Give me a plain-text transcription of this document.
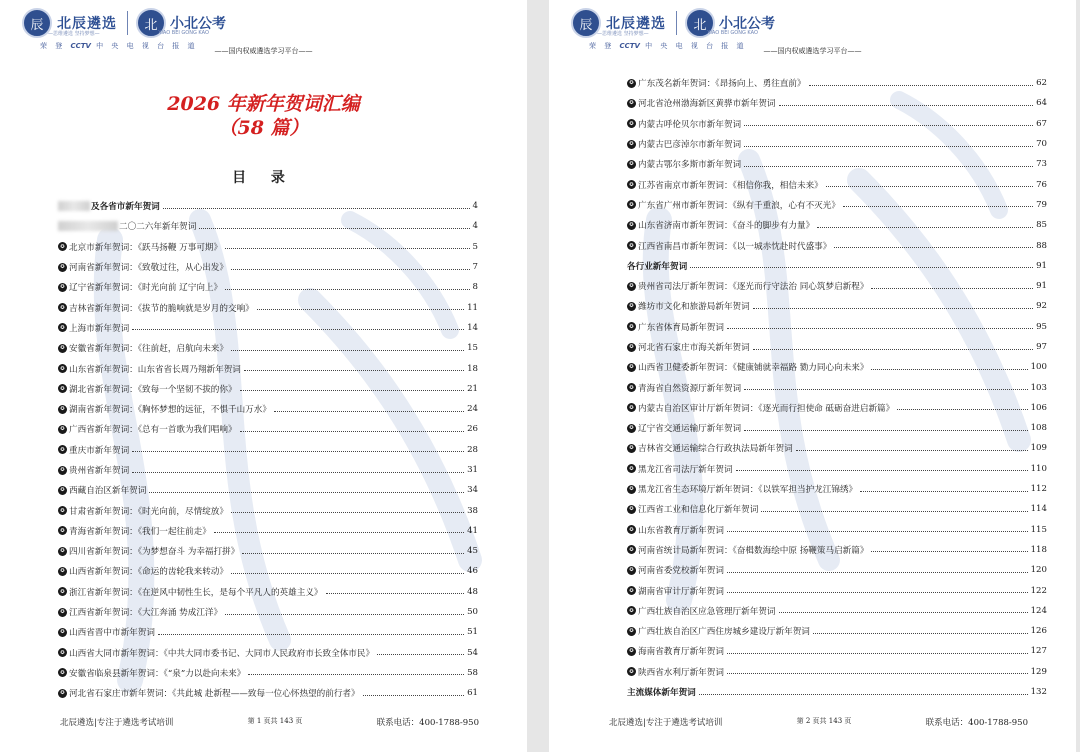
辰 北辰遴选	北 小北公考
—思维遴选 坚持梦想—	XIAO BEI GONG KAO
荣 登 CCTV 中 央 电 视 台 报 道
——国内权威遴选学习平台——
2026 年新年贺词汇编
（58 篇）
目 录
及各省市新年贺词	4
二〇二六年新年贺词	4
✪ 北京市新年贺词：《跃马扬鞭 万事可期》	5
✪ 河南省新年贺词：《致敬过往，从心出发》	7
✪ 辽宁省新年贺词：《时光向前 辽宁向上》	8
✪ 吉林省新年贺词：《拔节的脆响就是岁月的交响》	11
✪ 上海市新年贺词	14
✪ 安徽省新年贺词：《往前赶，启航向未来》	15
✪ 山东省新年贺词：山东省省长周乃翔新年贺词	18
✪ 湖北省新年贺词：《致每一个坚韧不拔的你》	21
✪ 湖南省新年贺词：《胸怀梦想的远征，不惧千山万水》	24
✪ 广西省新年贺词：《总有一首歌为我们唱响》	26
✪ 重庆市新年贺词	28
✪ 贵州省新年贺词	31
✪ 西藏自治区新年贺词	34
✪ 甘肃省新年贺词：《时光向前，尽情绽放》	38
✪ 青海省新年贺词：《我们一起往前走》	41
✪ 四川省新年贺词：《为梦想奋斗 为幸福打拼》	45
✪ 山西省新年贺词：《命运的齿轮我来转动》	46
✪ 浙江省新年贺词：《在逆风中韧性生长，是每个平凡人的英雄主义》	48
✪ 江西省新年贺词：《大江奔涌 势成江洋》	50
✪ 山西省晋中市新年贺词	51
✪ 山西省大同市新年贺词：《中共大同市委书记、大同市人民政府市长致全体市民》	54
✪ 安徽省临泉县新年贺词：《“泉”力以赴向未来》	58
✪ 河北省石家庄市新年贺词：《共此城 赴新程——致每一位心怀热望的前行者》	61
北辰遴选|专注于遴选考试培训	第 1 页共 143 页	联系电话：400-1788-950
辰 北辰遴选	北 小北公考
—思维遴选 坚持梦想—	XIAO BEI GONG KAO
荣 登 CCTV 中 央 电 视 台 报 道
——国内权威遴选学习平台——
✪ 广东茂名新年贺词：《昂扬向上、勇往直前》	62
✪ 河北省沧州渤海新区黄骅市新年贺词	64
✪ 内蒙古呼伦贝尔市新年贺词	67
✪ 内蒙古巴彦淖尔市新年贺词	70
✪ 内蒙古鄂尔多斯市新年贺词	73
✪ 江苏省南京市新年贺词：《相信你我，相信未来》	76
✪ 广东省广州市新年贺词：《纵有千重浪，心有不灭光》	79
✪ 山东省济南市新年贺词：《奋斗的脚步有力量》	85
✪ 江西省南昌市新年贺词：《以一城赤忱赴时代盛事》	88
各行业新年贺词	91
✪ 贵州省司法厅新年贺词：《逐光而行守法治 同心筑梦启新程》	91
✪ 潍坊市文化和旅游局新年贺词	92
✪ 广东省体育局新年贺词	95
✪ 河北省石家庄市海关新年贺词	97
✪ 山西省卫健委新年贺词：《健康铺就幸福路 勠力同心向未来》	100
✪ 青海省自然资源厅新年贺词	103
✪ 内蒙古自治区审计厅新年贺词：《逐光而行担使命 砥砺奋进启新篇》	106
✪ 辽宁省交通运输厅新年贺词	108
✪ 吉林省交通运输综合行政执法局新年贺词	109
✪ 黑龙江省司法厅新年贺词	110
✪ 黑龙江省生态环境厅新年贺词：《以铁军担当护龙江锦绣》	112
✪ 江西省工业和信息化厅新年贺词	114
✪ 山东省教育厅新年贺词	115
✪ 河南省统计局新年贺词：《奋楫数海绘中原 扬鞭策马启新篇》	118
✪ 河南省委党校新年贺词	120
✪ 湖南省审计厅新年贺词	122
✪ 广西壮族自治区应急管理厅新年贺词	124
✪ 广西壮族自治区广西住房城乡建设厅新年贺词	126
✪ 海南省教育厅新年贺词	127
✪ 陕西省水利厅新年贺词	129
主流媒体新年贺词	132
北辰遴选|专注于遴选考试培训	第 2 页共 143 页	联系电话：400-1788-950
